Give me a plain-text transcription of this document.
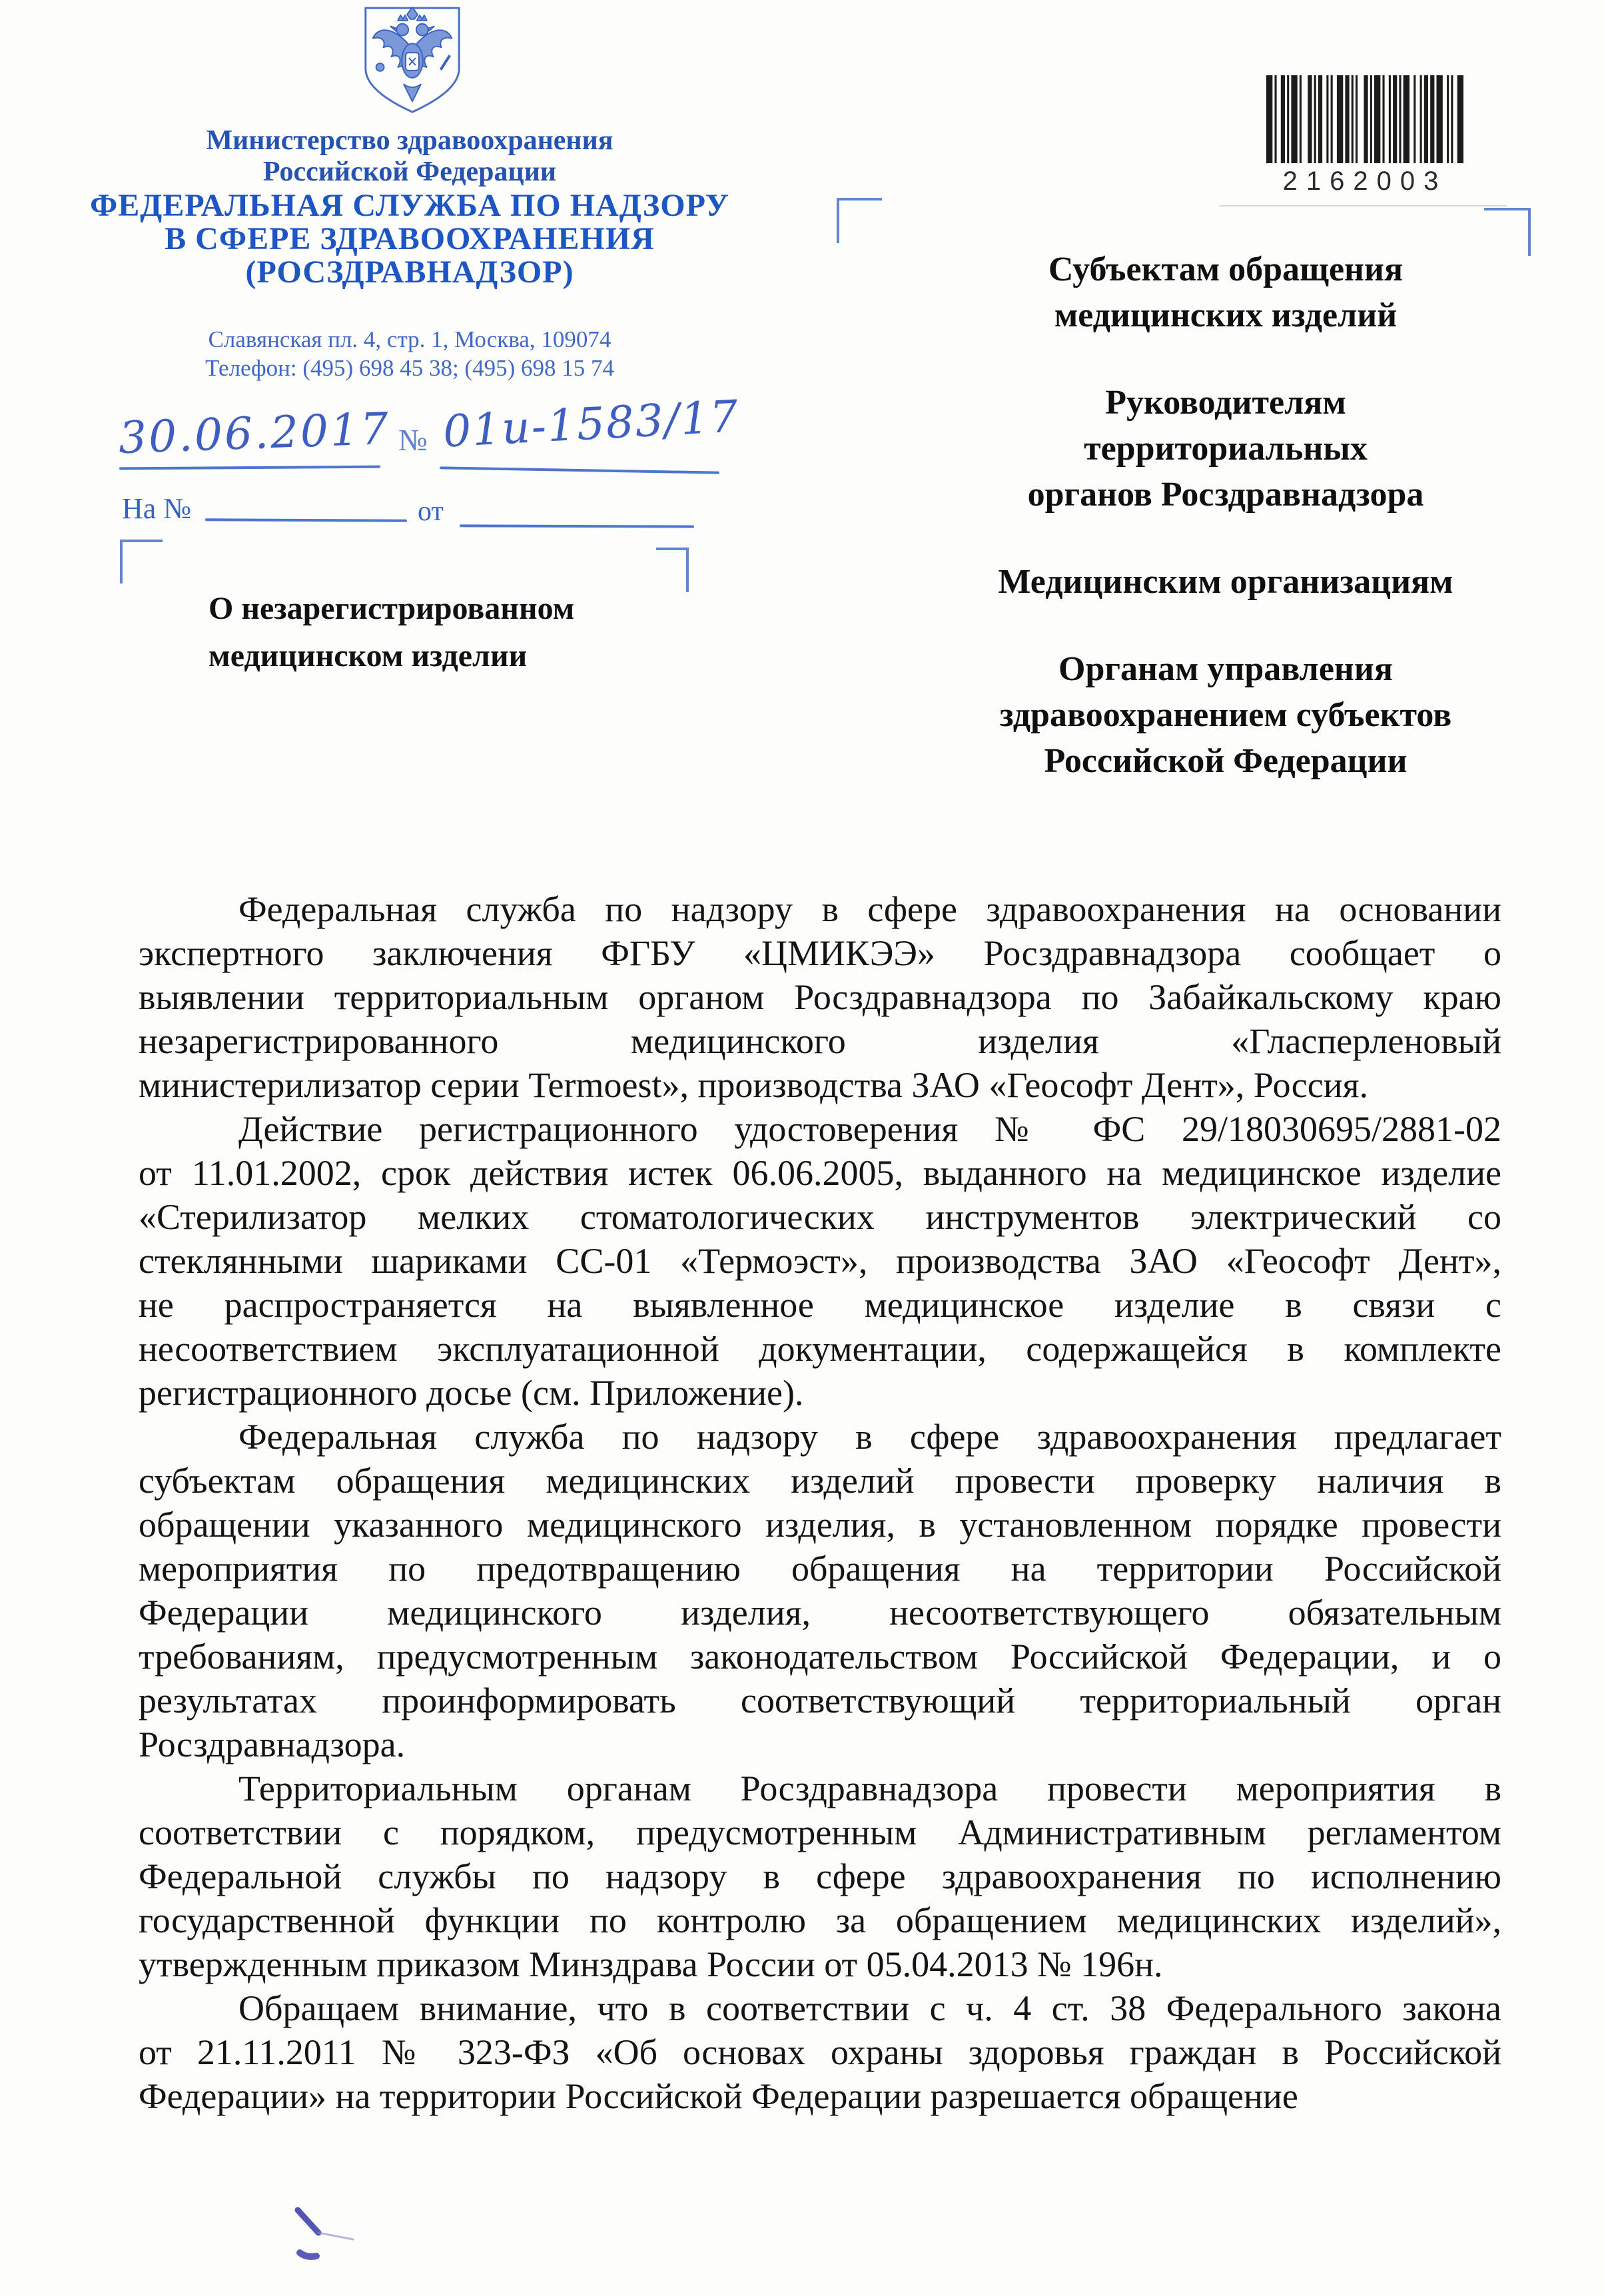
Министерство здравоохранения
Российской Федерации
ФЕДЕРАЛЬНАЯ СЛУЖБА ПО НАДЗОРУ
В СФЕРЕ ЗДРАВООХРАНЕНИЯ
(РОСЗДРАВНАДЗОР)
Славянская пл. 4, стр. 1, Москва, 109074
Телефон: (495) 698 45 38; (495) 698 15 74
2162003
30.06.2017 № 01и-1583/17
На №	от
О незарегистрированном
медицинском изделии
Субъектам обращения
медицинских изделий
Руководителям
территориальных
органов Росздравнадзора
Медицинским организациям
Органам управления
здравоохранением субъектов
Российской Федерации
Федеральная служба по надзору в сфере здравоохранения на основании
экспертного заключения ФГБУ «ЦМИКЭЭ» Росздравнадзора сообщает о
выявлении территориальным органом Росздравнадзора по Забайкальскому краю
незарегистрированного медицинского изделия «Гласперленовый
министерилизатор серии Termoest», производства ЗАО «Геософт Дент», Россия.
Действие регистрационного удостоверения № ФС 29/18030695/2881-02
от 11.01.2002, срок действия истек 06.06.2005, выданного на медицинское изделие
«Стерилизатор мелких стоматологических инструментов электрический со
стеклянными шариками СС-01 «Термоэст», производства ЗАО «Геософт Дент»,
не распространяется на выявленное медицинское изделие в связи с
несоответствием эксплуатационной документации, содержащейся в комплекте
регистрационного досье (см. Приложение).
Федеральная служба по надзору в сфере здравоохранения предлагает
субъектам обращения медицинских изделий провести проверку наличия в
обращении указанного медицинского изделия, в установленном порядке провести
мероприятия по предотвращению обращения на территории Российской
Федерации медицинского изделия, несоответствующего обязательным
требованиям, предусмотренным законодательством Российской Федерации, и о
результатах проинформировать соответствующий территориальный орган
Росздравнадзора.
Территориальным органам Росздравнадзора провести мероприятия в
соответствии с порядком, предусмотренным Административным регламентом
Федеральной службы по надзору в сфере здравоохранения по исполнению
государственной функции по контролю за обращением медицинских изделий»,
утвержденным приказом Минздрава России от 05.04.2013 № 196н.
Обращаем внимание, что в соответствии с ч. 4 ст. 38 Федерального закона
от 21.11.2011 № 323-ФЗ «Об основах охраны здоровья граждан в Российской
Федерации» на территории Российской Федерации разрешается обращение
